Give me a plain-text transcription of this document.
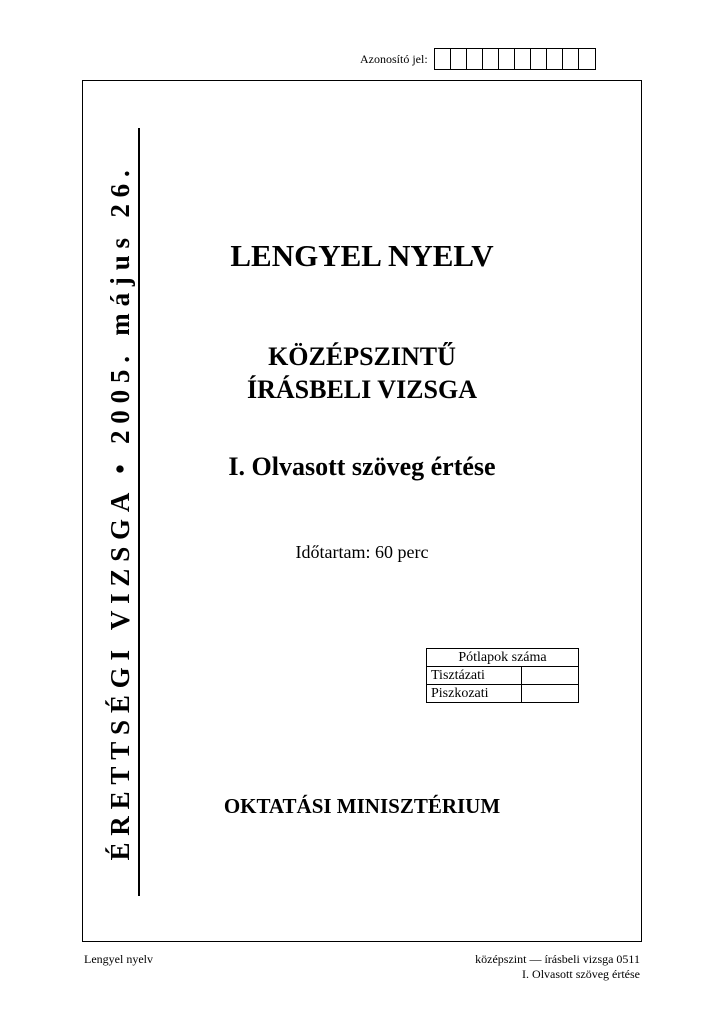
Azonosító jel:
ÉRETTSÉGI VIZSGA • 2005. május 26.	LENGYEL NYELV
KÖZÉPSZINTŰ
ÍRÁSBELI VIZSGA
I. Olvasott szöveg értése
Időtartam: 60 perc
Pótlapok száma	
Tisztázati	
Piszkozati	
OKTATÁSI MINISZTÉRIUM
Lengyel nyelv	középszint — írásbeli vizsga 0511
I. Olvasott szöveg értése
